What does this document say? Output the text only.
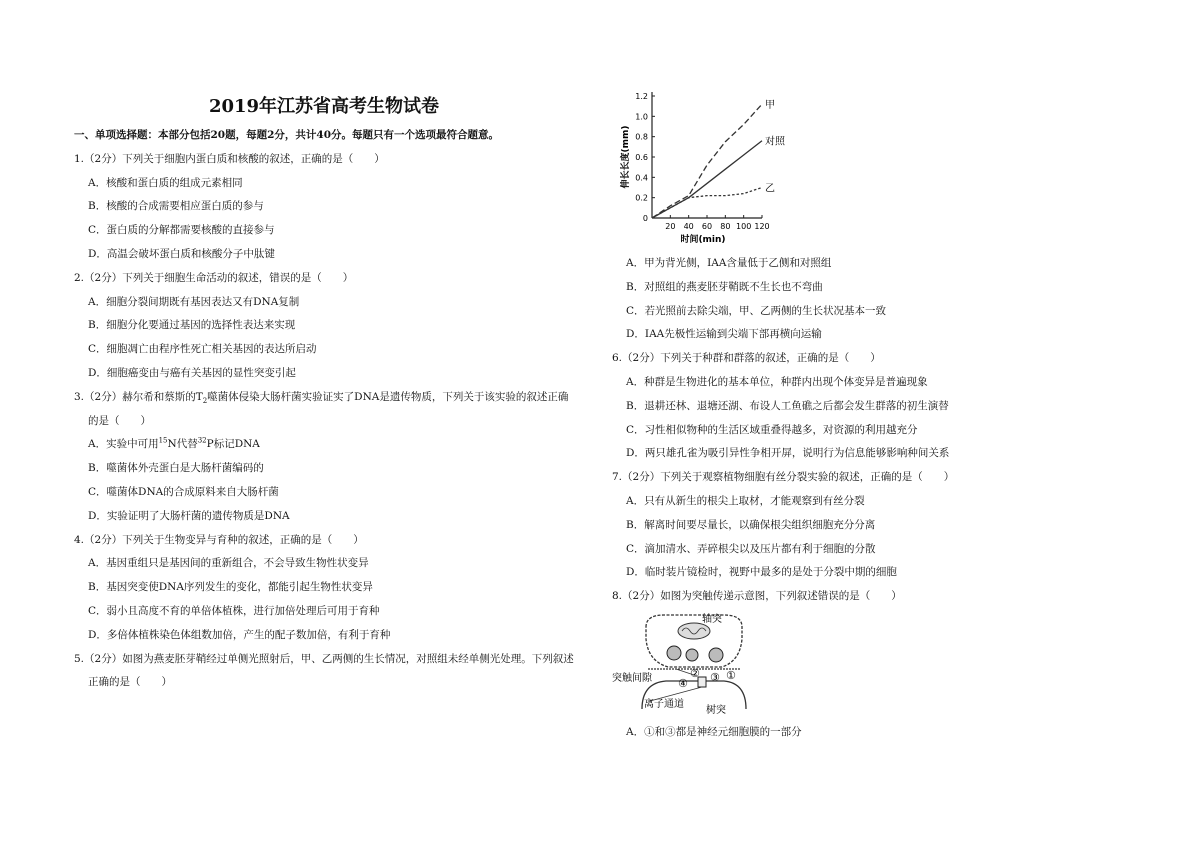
2019年江苏省高考生物试卷
一、单项选择题：本部分包括20题，每题2分，共计40分。每题只有一个选项最符合题意。
1.（2分）下列关于细胞内蛋白质和核酸的叙述，正确的是（　　）
A．核酸和蛋白质的组成元素相同
B．核酸的合成需要相应蛋白质的参与
C．蛋白质的分解都需要核酸的直接参与
D．高温会破坏蛋白质和核酸分子中肽键
2.（2分）下列关于细胞生命活动的叙述，错误的是（　　）
A．细胞分裂间期既有基因表达又有DNA复制
B．细胞分化要通过基因的选择性表达来实现
C．细胞凋亡由程序性死亡相关基因的表达所启动
D．细胞癌变由与癌有关基因的显性突变引起
3.（2分）赫尔希和蔡斯的$T_2$噬菌体侵染大肠杆菌实验证实了DNA是遗传物质，下列关于该实验的叙述正确
的是（　　）
A．实验中可用$^{15}$N代替$^{32}$P标记DNA
B．噬菌体外壳蛋白是大肠杆菌编码的
C．噬菌体DNA的合成原料来自大肠杆菌
D．实验证明了大肠杆菌的遗传物质是DNA
4.（2分）下列关于生物变异与育种的叙述，正确的是（　　）
A．基因重组只是基因间的重新组合，不会导致生物性状变异
B．基因突变使DNA序列发生的变化，都能引起生物性状变异
C．弱小且高度不育的单倍体植株，进行加倍处理后可用于育种
D．多倍体植株染色体组数加倍，产生的配子数加倍，有利于育种
5.（2分）如图为燕麦胚芽鞘经过单侧光照射后，甲、乙两侧的生长情况，对照组未经单侧光处理。下列叙述
正确的是（　　）
0
0.2
0.4
0.6
0.8
1.0
1.2
20 40 60 80 100 120
时间(min)
伸长长度(mm)
甲
对照
乙
A．甲为背光侧，IAA含量低于乙侧和对照组
B．对照组的燕麦胚芽鞘既不生长也不弯曲
C．若光照前去除尖端，甲、乙两侧的生长状况基本一致
D．IAA先极性运输到尖端下部再横向运输
6.（2分）下列关于种群和群落的叙述，正确的是（　　）
A．种群是生物进化的基本单位，种群内出现个体变异是普遍现象
B．退耕还林、退塘还湖、布设人工鱼礁之后都会发生群落的初生演替
C．习性相似物种的生活区域重叠得越多，对资源的利用越充分
D．两只雄孔雀为吸引异性争相开屏，说明行为信息能够影响种间关系
7.（2分）下列关于观察植物细胞有丝分裂实验的叙述，正确的是（　　）
A．只有从新生的根尖上取材，才能观察到有丝分裂
B．解离时间要尽量长，以确保根尖组织细胞充分分离
C．滴加清水、弄碎根尖以及压片都有利于细胞的分散
D．临时装片镜检时，视野中最多的是处于分裂中期的细胞
8.（2分）如图为突触传递示意图，下列叙述错误的是（　　）
①
② ③
④
轴突
突触间隙
离子通道
树突
A．①和③都是神经元细胞膜的一部分
